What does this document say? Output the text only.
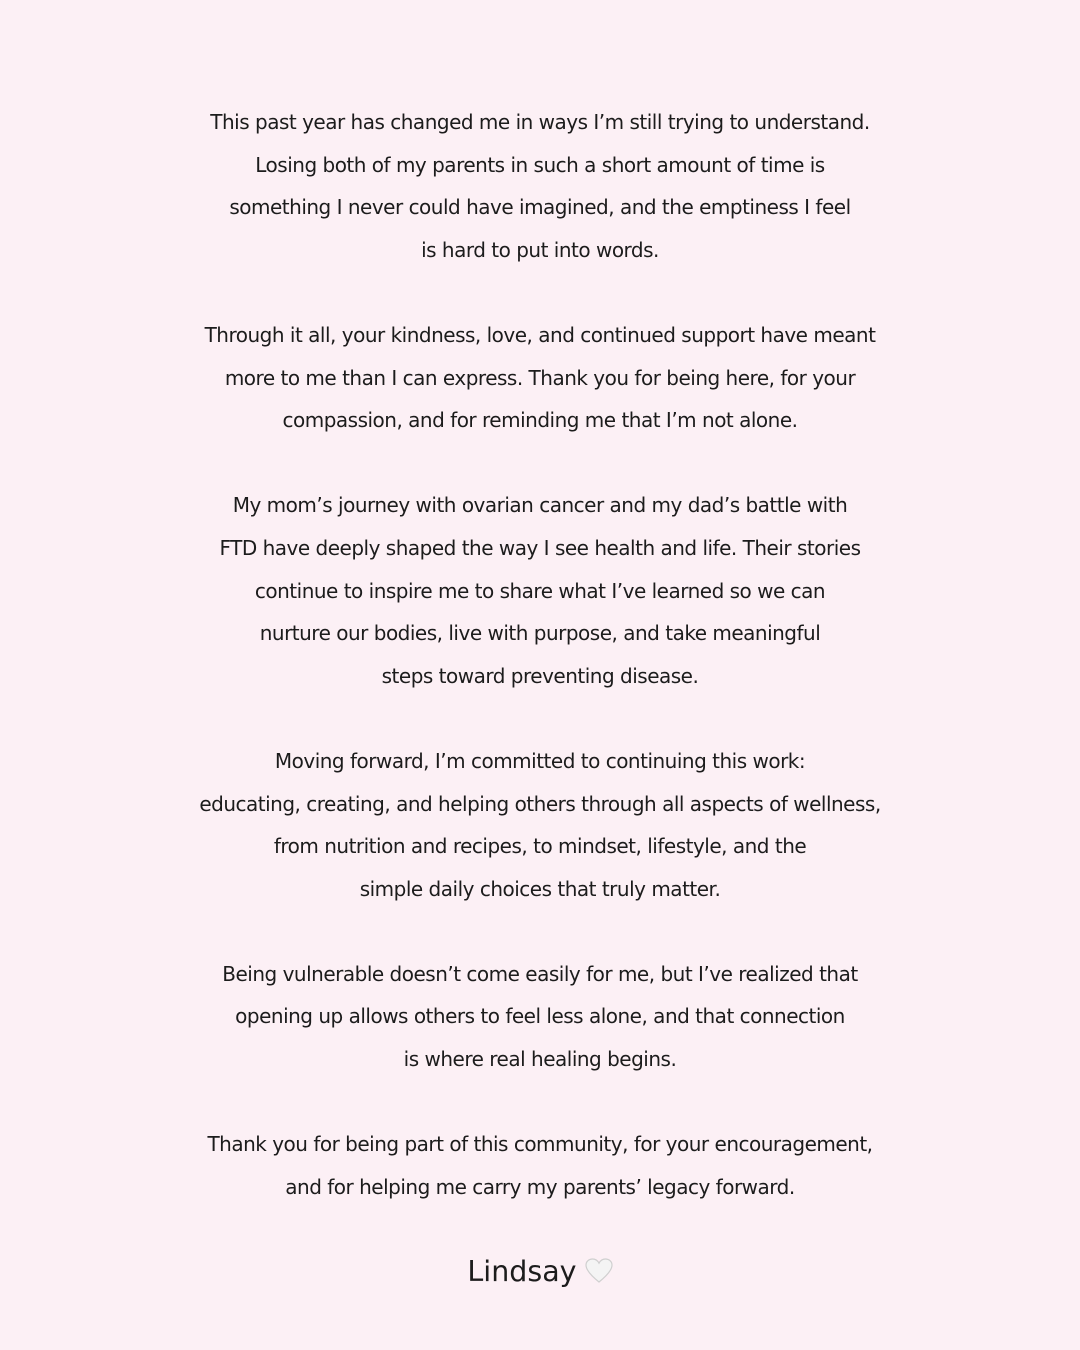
This past year has changed me in ways I’m still trying to understand.
Losing both of my parents in such a short amount of time is
something I never could have imagined, and the emptiness I feel
is hard to put into words.

Through it all, your kindness, love, and continued support have meant
more to me than I can express. Thank you for being here, for your
compassion, and for reminding me that I’m not alone.

My mom’s journey with ovarian cancer and my dad’s battle with
FTD have deeply shaped the way I see health and life. Their stories
continue to inspire me to share what I’ve learned so we can
nurture our bodies, live with purpose, and take meaningful
steps toward preventing disease.

Moving forward, I’m committed to continuing this work:
educating, creating, and helping others through all aspects of wellness,
from nutrition and recipes, to mindset, lifestyle, and the
simple daily choices that truly matter.

Being vulnerable doesn’t come easily for me, but I’ve realized that
opening up allows others to feel less alone, and that connection
is where real healing begins.

Thank you for being part of this community, for your encouragement,
and for helping me carry my parents’ legacy forward.

Lindsay
